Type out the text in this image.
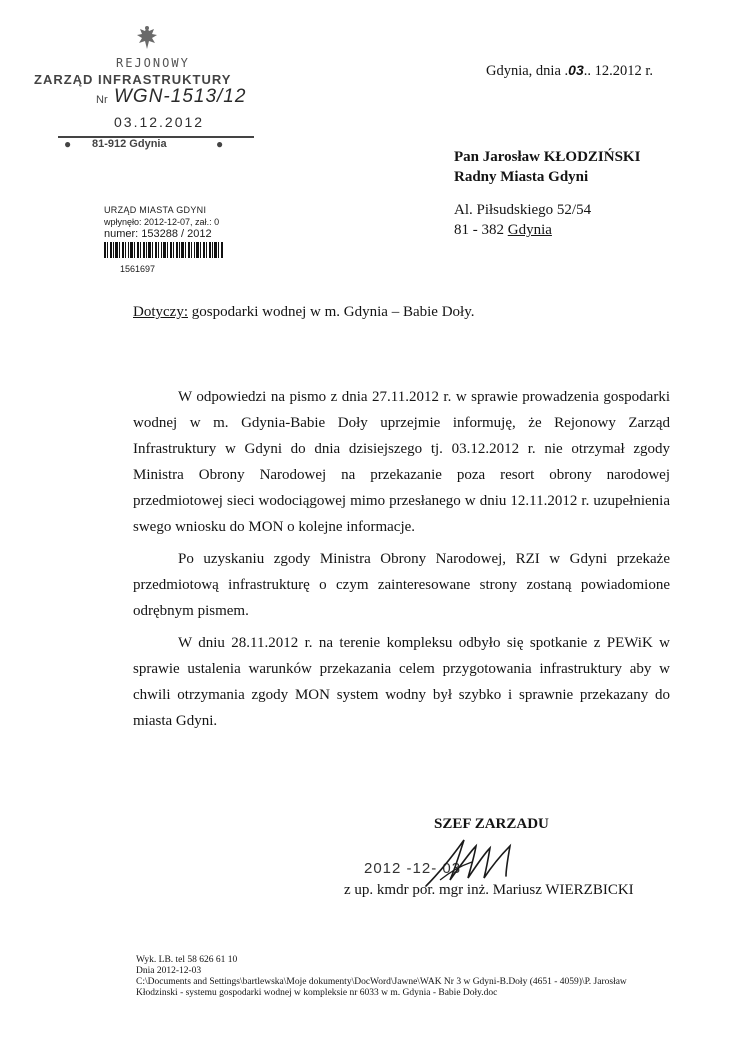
REJONOWY
ZARZĄD INFRASTRUKTURY
Nr WGN-1513/12
03.12.2012
● 81-912 Gdynia	●
URZĄD MIASTA GDYNI
wpłynęło: 2012-12-07, zał.: 0
numer: 153288 / 2012
1561697
Gdynia, dnia .03.. 12.2012 r.
Pan Jarosław KŁODZIŃSKI
Radny Miasta Gdyni
Al. Piłsudskiego 52/54
81 - 382 Gdynia
Dotyczy: gospodarki wodnej w m. Gdynia – Babie Doły.

W odpowiedzi na pismo z dnia 27.11.2012 r. w sprawie prowadzenia gospodarki wodnej w m. Gdynia-Babie Doły uprzejmie informuję, że Rejonowy Zarząd Infrastruktury w Gdyni do dnia dzisiejszego tj. 03.12.2012 r. nie otrzymał zgody Ministra Obrony Narodowej na przekazanie poza resort obrony narodowej przedmiotowej sieci wodociągowej mimo przesłanego w dniu 12.11.2012 r. uzupełnienia swego wniosku do MON o kolejne informacje.

Po uzyskaniu zgody Ministra Obrony Narodowej, RZI w Gdyni przekaże przedmiotową infrastrukturę o czym zainteresowane strony zostaną powiadomione odrębnym pismem.

W dniu 28.11.2012 r. na terenie kompleksu odbyło się spotkanie z PEWiK w sprawie ustalenia warunków przekazania celem przygotowania infrastruktury aby w chwili otrzymania zgody MON system wodny był szybko i sprawnie przekazany do miasta Gdyni.

SZEF ZARZADU
2012 -12- 03
z up. kmdr por. mgr inż. Mariusz WIERZBICKI
Wyk. LB. tel 58 626 61 10
Dnia 2012-12-03
C:\Documents and Settings\bartlewska\Moje dokumenty\DocWord\Jawne\WAK Nr 3 w Gdyni-B.Doły (4651 - 4059)\P. Jarosław
Kłodzinski - systemu gospodarki wodnej w kompleksie nr 6033 w m. Gdynia - Babie Doły.doc
